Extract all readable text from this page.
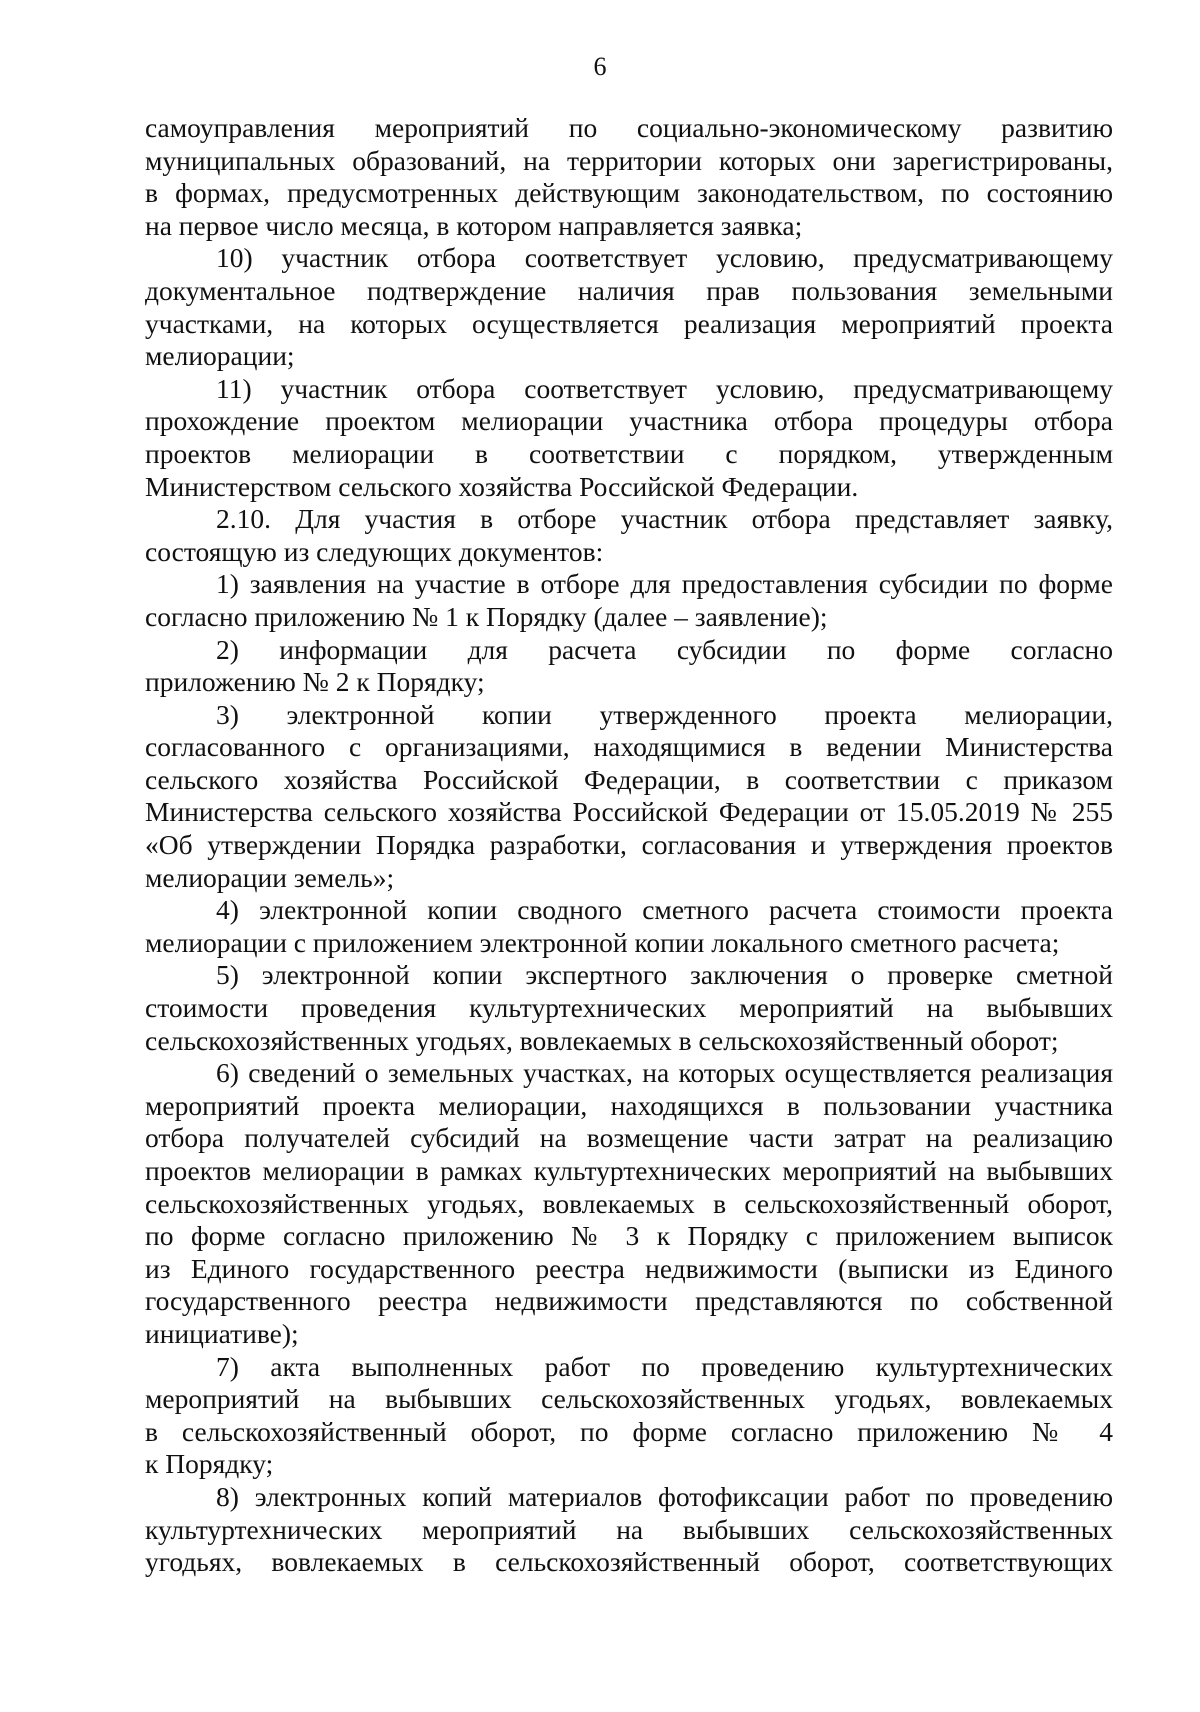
6
самоуправления мероприятий по социально-экономическому развитию
муниципальных образований, на территории которых они зарегистрированы,
в формах, предусмотренных действующим законодательством, по состоянию
на первое число месяца, в котором направляется заявка;
10) участник отбора соответствует условию, предусматривающему
документальное подтверждение наличия прав пользования земельными
участками, на которых осуществляется реализация мероприятий проекта
мелиорации;
11) участник отбора соответствует условию, предусматривающему
прохождение проектом мелиорации участника отбора процедуры отбора
проектов мелиорации в соответствии с порядком, утвержденным
Министерством сельского хозяйства Российской Федерации.
2.10. Для участия в отборе участник отбора представляет заявку,
состоящую из следующих документов:
1) заявления на участие в отборе для предоставления субсидии по форме
согласно приложению № 1 к Порядку (далее – заявление);
2) информации для расчета субсидии по форме согласно
приложению № 2 к Порядку;
3) электронной копии утвержденного проекта мелиорации,
согласованного с организациями, находящимися в ведении Министерства
сельского хозяйства Российской Федерации, в соответствии с приказом
Министерства сельского хозяйства Российской Федерации от 15.05.2019 № 255
«Об утверждении Порядка разработки, согласования и утверждения проектов
мелиорации земель»;
4) электронной копии сводного сметного расчета стоимости проекта
мелиорации с приложением электронной копии локального сметного расчета;
5) электронной копии экспертного заключения о проверке сметной
стоимости проведения культуртехнических мероприятий на выбывших
сельскохозяйственных угодьях, вовлекаемых в сельскохозяйственный оборот;
6) сведений о земельных участках, на которых осуществляется реализация
мероприятий проекта мелиорации, находящихся в пользовании участника
отбора получателей субсидий на возмещение части затрат на реализацию
проектов мелиорации в рамках культуртехнических мероприятий на выбывших
сельскохозяйственных угодьях, вовлекаемых в сельскохозяйственный оборот,
по форме согласно приложению № 3 к Порядку с приложением выписок
из Единого государственного реестра недвижимости (выписки из Единого
государственного реестра недвижимости представляются по собственной
инициативе);
7) акта выполненных работ по проведению культуртехнических
мероприятий на выбывших сельскохозяйственных угодьях, вовлекаемых
в сельскохозяйственный оборот, по форме согласно приложению № 4
к Порядку;
8) электронных копий материалов фотофиксации работ по проведению
культуртехнических мероприятий на выбывших сельскохозяйственных
угодьях, вовлекаемых в сельскохозяйственный оборот, соответствующих
